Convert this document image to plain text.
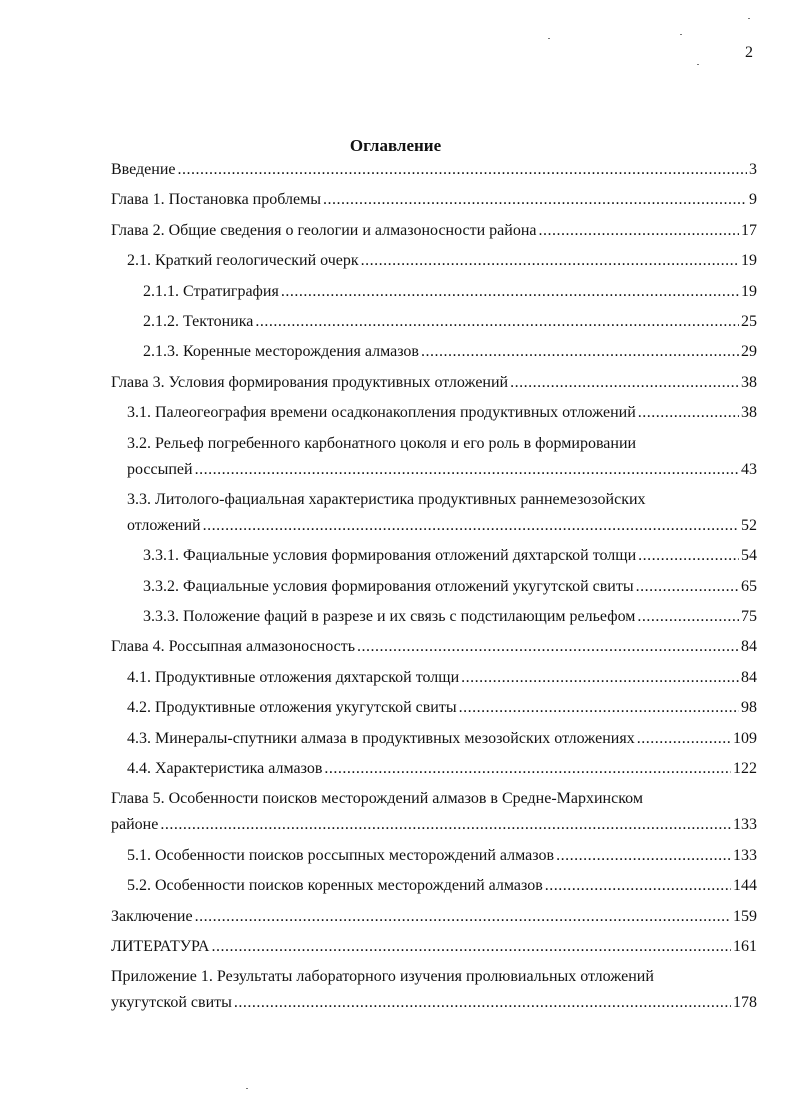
2
Оглавление
Введение .....	3
Глава 1. Постановка проблемы .....	9
Глава 2. Общие сведения о геологии и алмазоносности района .....	17
2.1. Краткий геологический очерк .....	19
2.1.1. Стратиграфия .....	19
2.1.2. Тектоника .....	25
2.1.3. Коренные месторождения алмазов .....	29
Глава 3. Условия формирования продуктивных отложений .....	38
3.1. Палеогеография времени осадконакопления продуктивных отложений .....	38
3.2. Рельеф погребенного карбонатного цоколя и его роль в формировании
россыпей .....	43
3.3. Литолого-фациальная характеристика продуктивных раннемезозойских
отложений .....	52
3.3.1. Фациальные условия формирования отложений дяхтарской толщи .....	54
3.3.2. Фациальные условия формирования отложений укугутской свиты .....	65
3.3.3. Положение фаций в разрезе и их связь с подстилающим рельефом .....	75
Глава 4. Россыпная алмазоносность .....	84
4.1. Продуктивные отложения дяхтарской толщи .....	84
4.2. Продуктивные отложения укугутской свиты .....	98
4.3. Минералы-спутники алмаза в продуктивных мезозойских отложениях .....	109
4.4. Характеристика алмазов .....	122
Глава 5. Особенности поисков месторождений алмазов в Средне-Мархинском
районе .....	133
5.1. Особенности поисков россыпных месторождений алмазов .....	133
5.2. Особенности поисков коренных месторождений алмазов .....	144
Заключение .....	159
ЛИТЕРАТУРА .....	161
Приложение 1. Результаты лабораторного изучения пролювиальных отложений
укугутской свиты .....	178
